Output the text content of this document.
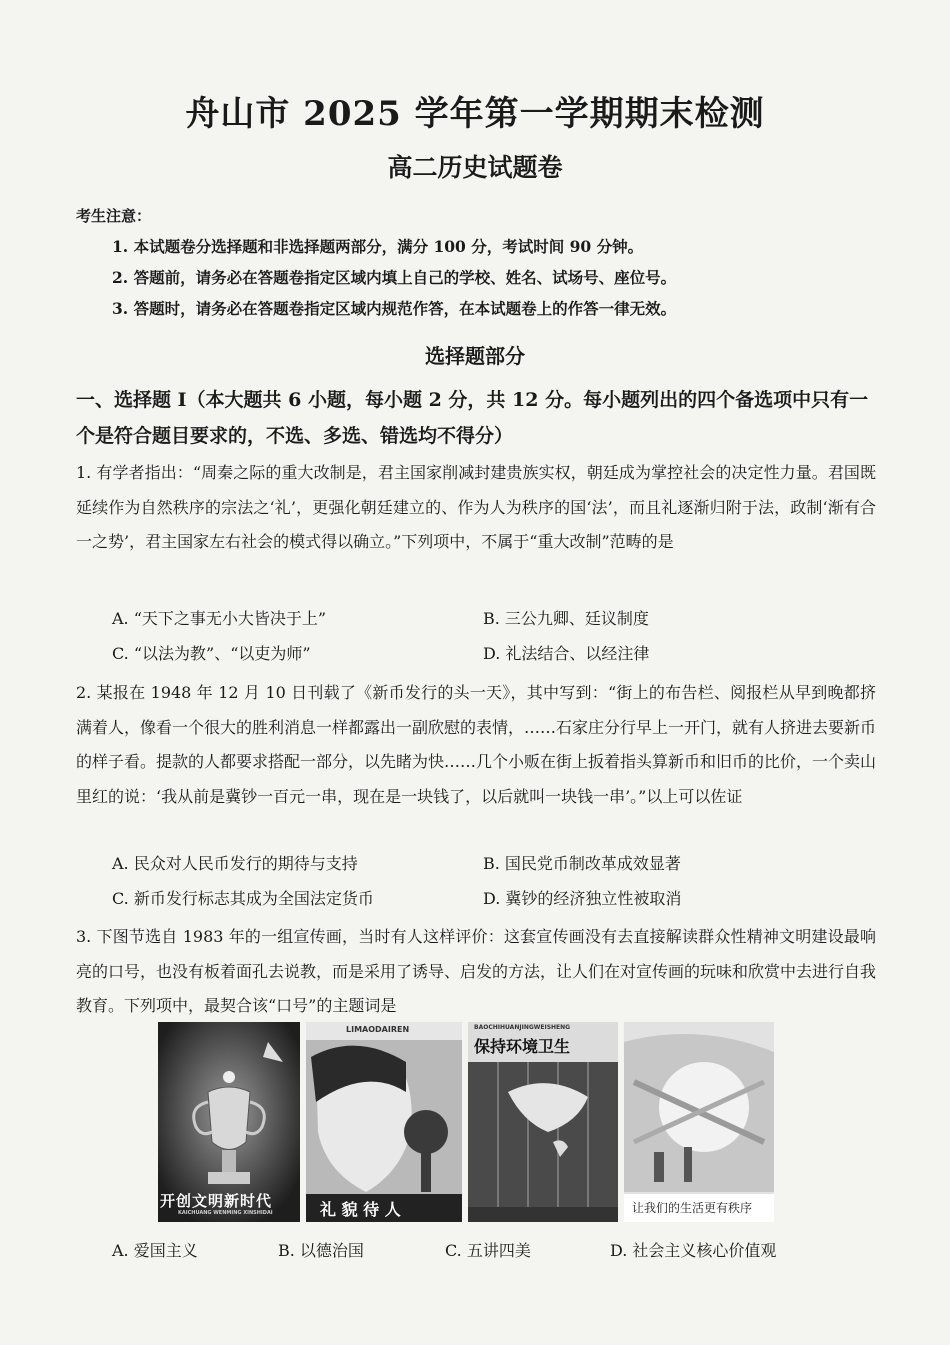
舟山市 2025 学年第一学期期末检测
高二历史试题卷
考生注意：
1. 本试题卷分选择题和非选择题两部分，满分 100 分，考试时间 90 分钟。
2. 答题前，请务必在答题卷指定区域内填上自己的学校、姓名、试场号、座位号。
3. 答题时，请务必在答题卷指定区域内规范作答，在本试题卷上的作答一律无效。
选择题部分
一、选择题 Ⅰ（本大题共 6 小题，每小题 2 分，共 12 分。每小题列出的四个备选项中只有一个是符合题目要求的，不选、多选、错选均不得分）
1. 有学者指出：“周秦之际的重大改制是，君主国家削减封建贵族实权，朝廷成为掌控社会的决定性力量。君国既延续作为自然秩序的宗法之‘礼’，更强化朝廷建立的、作为人为秩序的国‘法’，而且礼逐渐归附于法，政制‘渐有合一之势’，君主国家左右社会的模式得以确立。”下列项中，不属于“重大改制”范畴的是
A. “天下之事无小大皆决于上”	B. 三公九卿、廷议制度
C. “以法为教”、“以吏为师”	D. 礼法结合、以经注律
2. 某报在 1948 年 12 月 10 日刊载了《新币发行的头一天》，其中写到：“街上的布告栏、阅报栏从早到晚都挤满着人，像看一个很大的胜利消息一样都露出一副欣慰的表情，……石家庄分行早上一开门，就有人挤进去要新币的样子看。提款的人都要求搭配一部分，以先睹为快……几个小贩在街上扳着指头算新币和旧币的比价，一个卖山里红的说：‘我从前是冀钞一百元一串，现在是一块钱了，以后就叫一块钱一串’。”以上可以佐证
A. 民众对人民币发行的期待与支持	B. 国民党币制改革成效显著
C. 新币发行标志其成为全国法定货币	D. 冀钞的经济独立性被取消
3. 下图节选自 1983 年的一组宣传画，当时有人这样评价：这套宣传画没有去直接解读群众性精神文明建设最响亮的口号，也没有板着面孔去说教，而是采用了诱导、启发的方法，让人们在对宣传画的玩味和欣赏中去进行自我教育。下列项中，最契合该“口号”的主题词是
开创文明新时代
KAICHUANG WENMING XINSHIDAI
LIMAODAIREN
礼 貌 待 人
BAOCHIHUANJINGWEISHENG
保持环境卫生
让我们的生活更有秩序
A. 爱国主义	B. 以德治国	C. 五讲四美	D. 社会主义核心价值观
